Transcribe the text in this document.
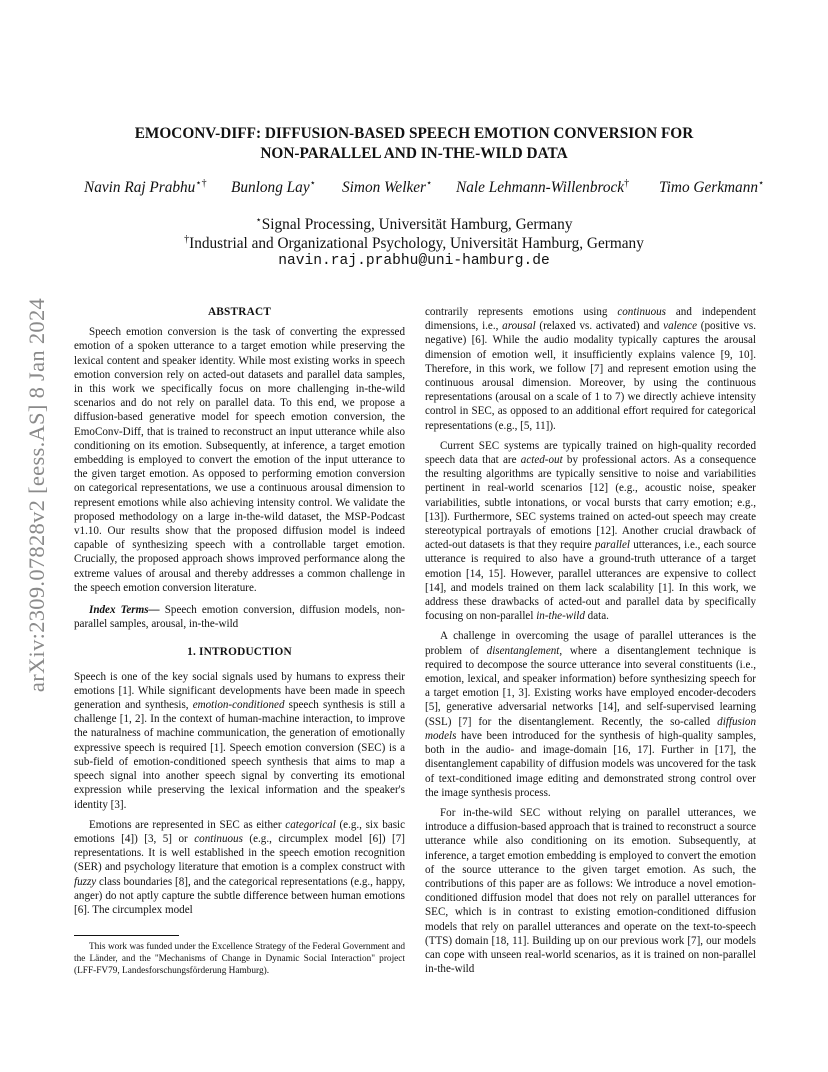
arXiv:2309.07828v2 [eess.AS] 8 Jan 2024
EMOCONV-DIFF: DIFFUSION-BASED SPEECH EMOTION CONVERSION FOR
NON-PARALLEL AND IN-THE-WILD DATA
Navin Raj Prabhu⋆† Bunlong Lay⋆ Simon Welker⋆ Nale Lehmann-Willenbrock† Timo Gerkmann⋆
⋆Signal Processing, Universität Hamburg, Germany
†Industrial and Organizational Psychology, Universität Hamburg, Germany
navin.raj.prabhu@uni-hamburg.de
ABSTRACT

Speech emotion conversion is the task of converting the expressed emotion of a spoken utterance to a target emotion while preserving the lexical content and speaker identity. While most existing works in speech emotion conversion rely on acted-out datasets and parallel data samples, in this work we specifically focus on more challenging in-the-wild scenarios and do not rely on parallel data. To this end, we propose a diffusion-based generative model for speech emotion conversion, the EmoConv-Diff, that is trained to reconstruct an input utterance while also conditioning on its emotion. Subsequently, at inference, a target emotion embedding is employed to convert the emotion of the input utterance to the given target emotion. As opposed to performing emotion conversion on categorical representations, we use a continuous arousal dimension to represent emotions while also achieving intensity control. We validate the proposed methodology on a large in-the-wild dataset, the MSP-Podcast v1.10. Our results show that the proposed diffusion model is indeed capable of synthesizing speech with a controllable target emotion. Crucially, the proposed approach shows improved performance along the extreme values of arousal and thereby addresses a common challenge in the speech emotion conversion literature.

Index Terms— Speech emotion conversion, diffusion models, non-parallel samples, arousal, in-the-wild

1. INTRODUCTION

Speech is one of the key social signals used by humans to express their emotions [1]. While significant developments have been made in speech generation and synthesis, emotion-conditioned speech synthesis is still a challenge [1, 2]. In the context of human-machine interaction, to improve the naturalness of machine communication, the generation of emotionally expressive speech is required [1]. Speech emotion conversion (SEC) is a sub-field of emotion-conditioned speech synthesis that aims to map a speech signal into another speech signal by converting its emotional expression while preserving the lexical information and the speaker's identity [3].

Emotions are represented in SEC as either categorical (e.g., six basic emotions [4]) [3, 5] or continuous (e.g., circumplex model [6]) [7] representations. It is well established in the speech emotion recognition (SER) and psychology literature that emotion is a complex construct with fuzzy class boundaries [8], and the categorical representations (e.g., happy, anger) do not aptly capture the subtle difference between human emotions [6]. The circumplex model

contrarily represents emotions using continuous and independent dimensions, i.e., arousal (relaxed vs. activated) and valence (positive vs. negative) [6]. While the audio modality typically captures the arousal dimension of emotion well, it insufficiently explains valence [9, 10]. Therefore, in this work, we follow [7] and represent emotion using the continuous arousal dimension. Moreover, by using the continuous representations (arousal on a scale of 1 to 7) we directly achieve intensity control in SEC, as opposed to an additional effort required for categorical representations (e.g., [5, 11]).

Current SEC systems are typically trained on high-quality recorded speech data that are acted-out by professional actors. As a consequence the resulting algorithms are typically sensitive to noise and variabilities pertinent in real-world scenarios [12] (e.g., acoustic noise, speaker variabilities, subtle intonations, or vocal bursts that carry emotion; e.g., [13]). Furthermore, SEC systems trained on acted-out speech may create stereotypical portrayals of emotions [12]. Another crucial drawback of acted-out datasets is that they require parallel utterances, i.e., each source utterance is required to also have a ground-truth utterance of a target emotion [14, 15]. However, parallel utterances are expensive to collect [14], and models trained on them lack scalability [1]. In this work, we address these drawbacks of acted-out and parallel data by specifically focusing on non-parallel in-the-wild data.

A challenge in overcoming the usage of parallel utterances is the problem of disentanglement, where a disentanglement technique is required to decompose the source utterance into several constituents (i.e., emotion, lexical, and speaker information) before synthesizing speech for a target emotion [1, 3]. Existing works have employed encoder-decoders [5], generative adversarial networks [14], and self-supervised learning (SSL) [7] for the disentanglement. Recently, the so-called diffusion models have been introduced for the synthesis of high-quality samples, both in the audio- and image-domain [16, 17]. Further in [17], the disentanglement capability of diffusion models was uncovered for the task of text-conditioned image editing and demonstrated strong control over the image synthesis process.

For in-the-wild SEC without relying on parallel utterances, we introduce a diffusion-based approach that is trained to reconstruct a source utterance while also conditioning on its emotion. Subsequently, at inference, a target emotion embedding is employed to convert the emotion of the source utterance to the given target emotion. As such, the contributions of this paper are as follows: We introduce a novel emotion-conditioned diffusion model that does not rely on parallel utterances for SEC, which is in contrast to existing emotion-conditioned diffusion models that rely on parallel utterances and operate on the text-to-speech (TTS) domain [18, 11]. Building up on our previous work [7], our models can cope with unseen real-world scenarios, as it is trained on non-parallel in-the-wild

This work was funded under the Excellence Strategy of the Federal Government and the Länder, and the "Mechanisms of Change in Dynamic Social Interaction" project (LFF-FV79, Landesforschungsförderung Hamburg).
